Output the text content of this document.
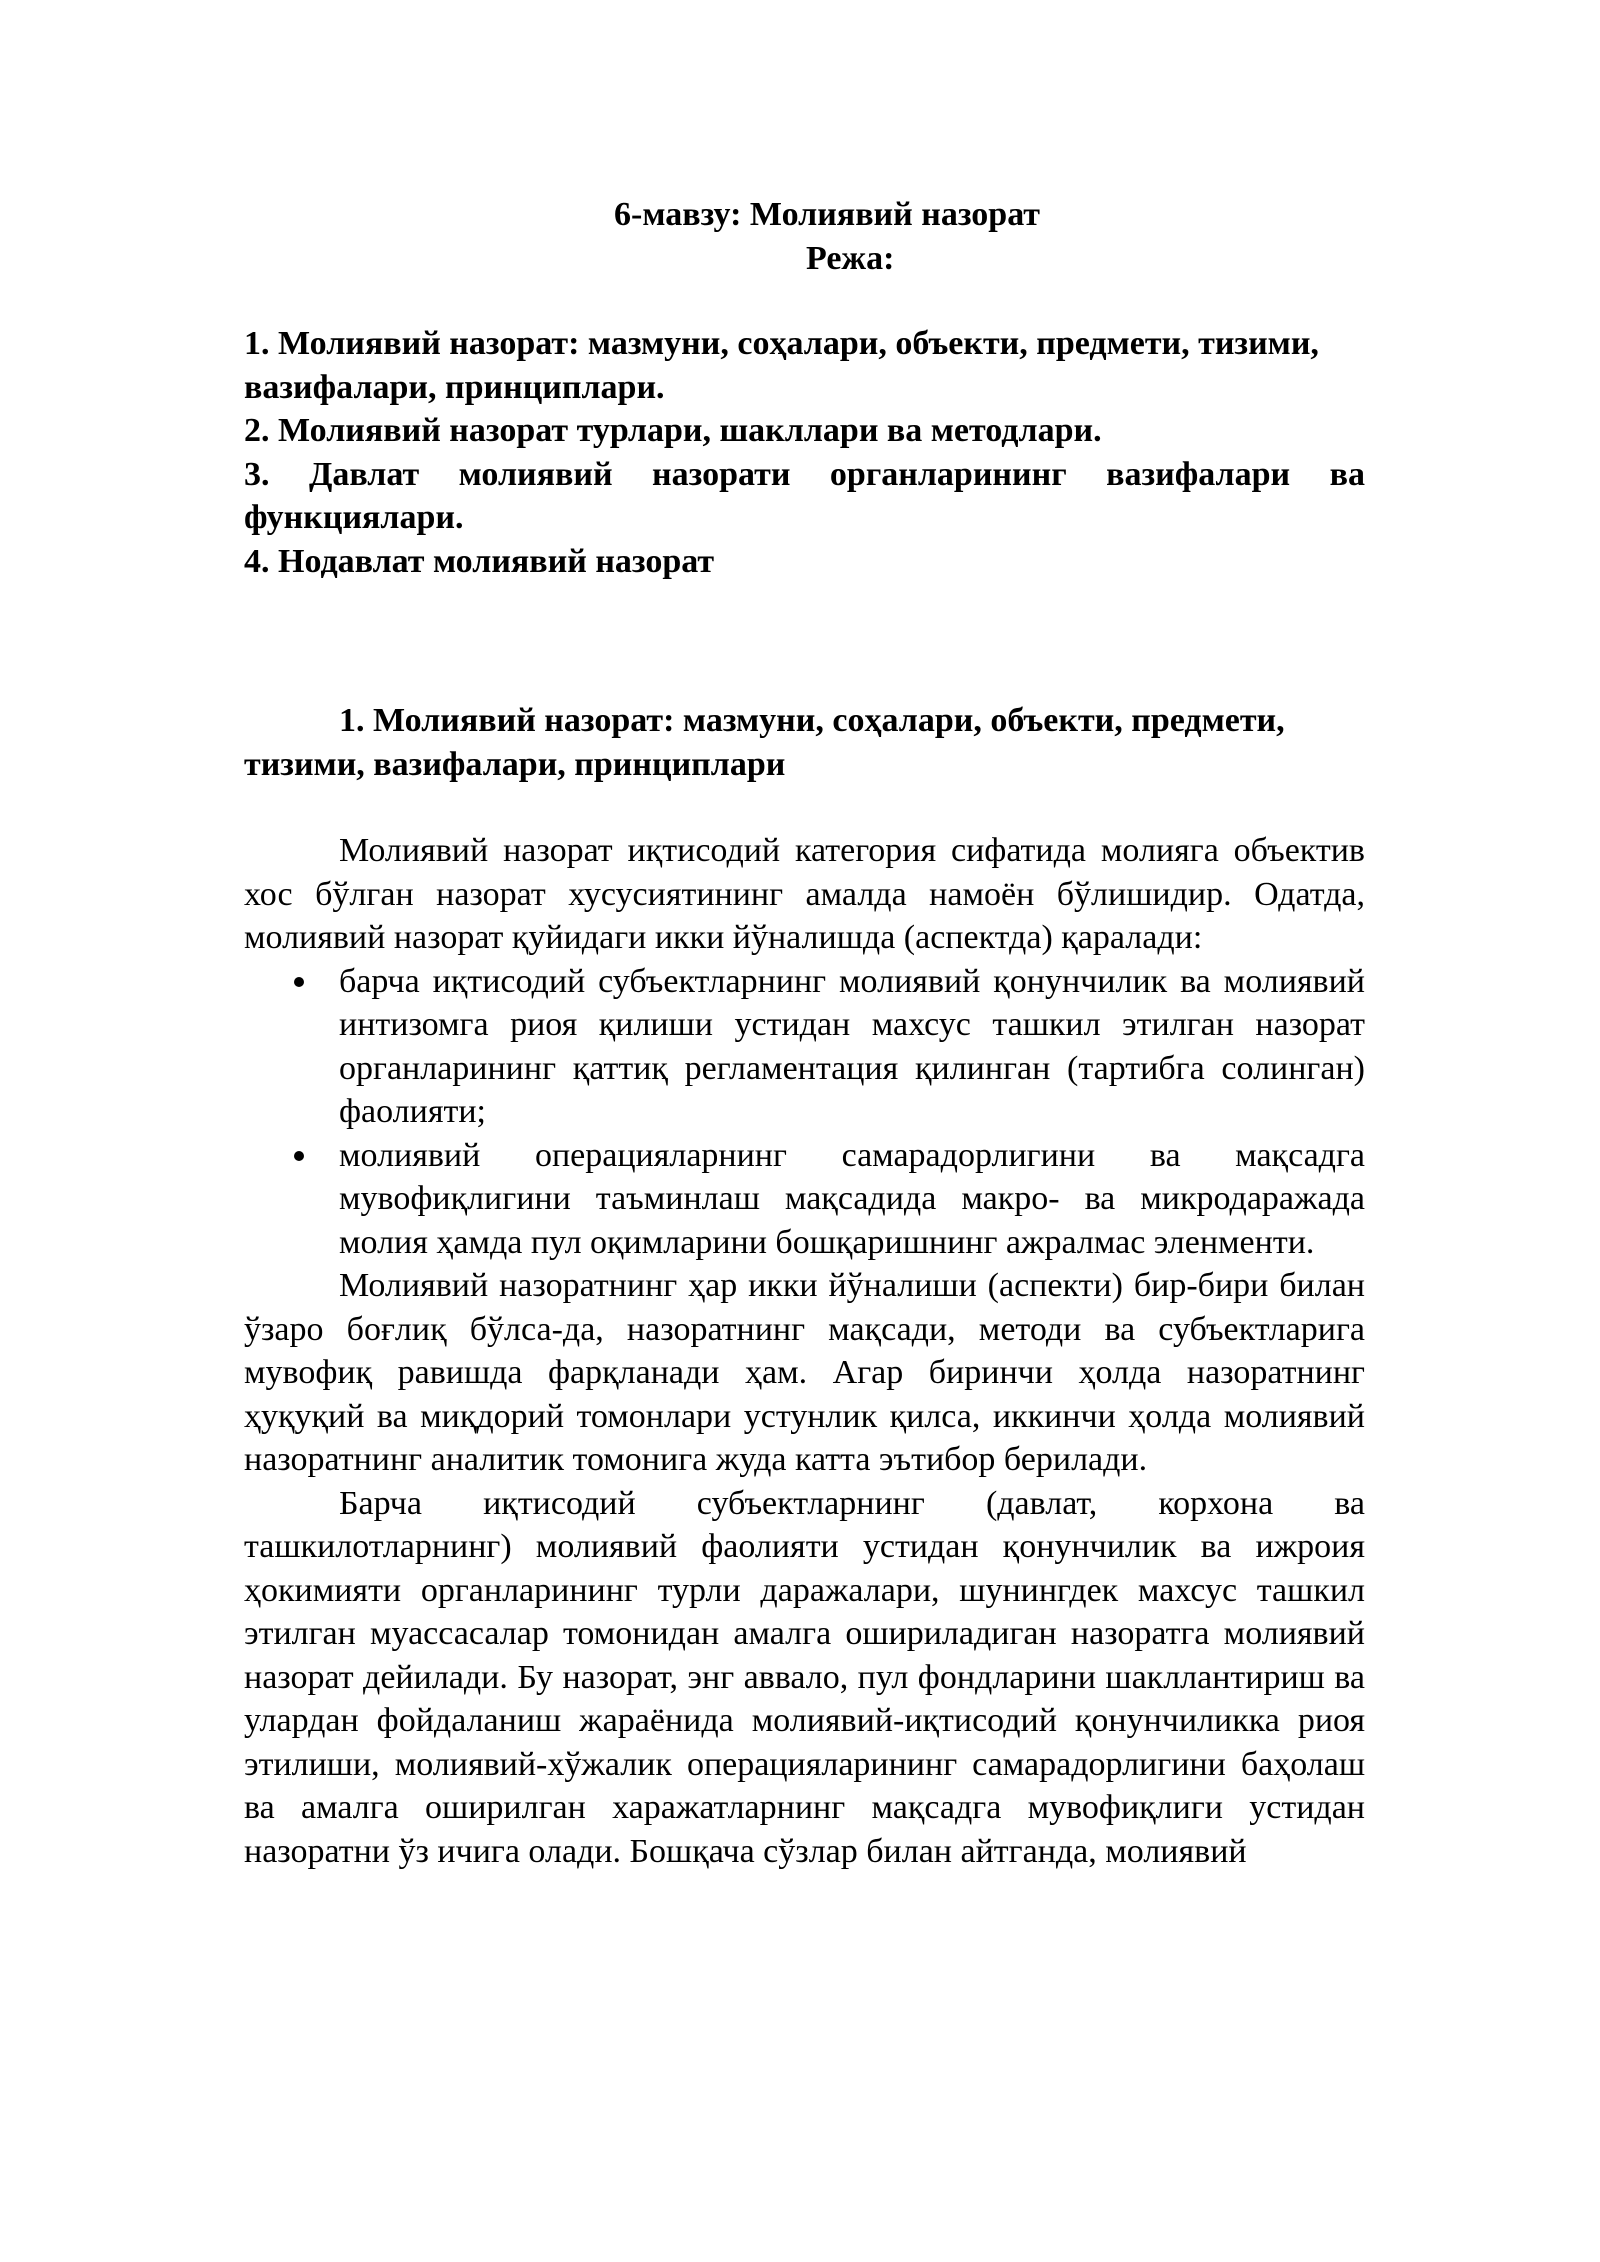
6-мавзу: Молиявий назорат
Режа:
1. Молиявий назорат: мазмуни, соҳалари, объекти, предмети, тизими, вазифалари, принциплари.
2. Молиявий назорат турлари, шакллари ва методлари.
3. Давлат молиявий назорати органларининг вазифалари ва функциялари.
4. Нодавлат молиявий назорат
1. Молиявий назорат: мазмуни, соҳалари, объекти, предмети, тизими, вазифалари, принциплари
Молиявий назорат иқтисодий категория сифатида молияга объектив хос бўлган назорат хусусиятининг амалда намоён бўлишидир. Одатда, молиявий назорат қуйидаги икки йўналишда (аспектда) қаралади:
барча иқтисодий субъектларнинг молиявий қонунчилик ва молиявий интизомга риоя қилиши устидан махсус ташкил этилган назорат органларининг қаттиқ регламентация қилинган (тартибга солинган) фаолияти;
молиявий операцияларнинг самарадорлигини ва мақсадга мувофиқлигини таъминлаш мақсадида макро- ва микродаражада молия ҳамда пул оқимларини бошқаришнинг ажралмас эленменти.
Молиявий назоратнинг ҳар икки йўналиши (аспекти) бир-бири билан ўзаро боғлиқ бўлса-да, назоратнинг мақсади, методи ва субъектларига мувофиқ равишда фарқланади ҳам. Агар биринчи ҳолда назоратнинг ҳуқуқий ва миқдорий томонлари устунлик қилса, иккинчи ҳолда молиявий назоратнинг аналитик томонига жуда катта эътибор берилади.
Барча иқтисодий субъектларнинг (давлат, корхона ва ташкилотларнинг) молиявий фаолияти устидан қонунчилик ва ижроия ҳокимияти органларининг турли даражалари, шунингдек махсус ташкил этилган муассасалар томонидан амалга ошириладиган назоратга молиявий назорат дейилади. Бу назорат, энг аввало, пул фондларини шакллантириш ва улардан фойдаланиш жараёнида молиявий-иқтисодий қонунчиликка риоя этилиши, молиявий-хўжалик операцияларининг самарадорлигини баҳолаш ва амалга оширилган харажатларнинг мақсадга мувофиқлиги устидан назоратни ўз ичига олади. Бошқача сўзлар билан айтганда, молиявий
